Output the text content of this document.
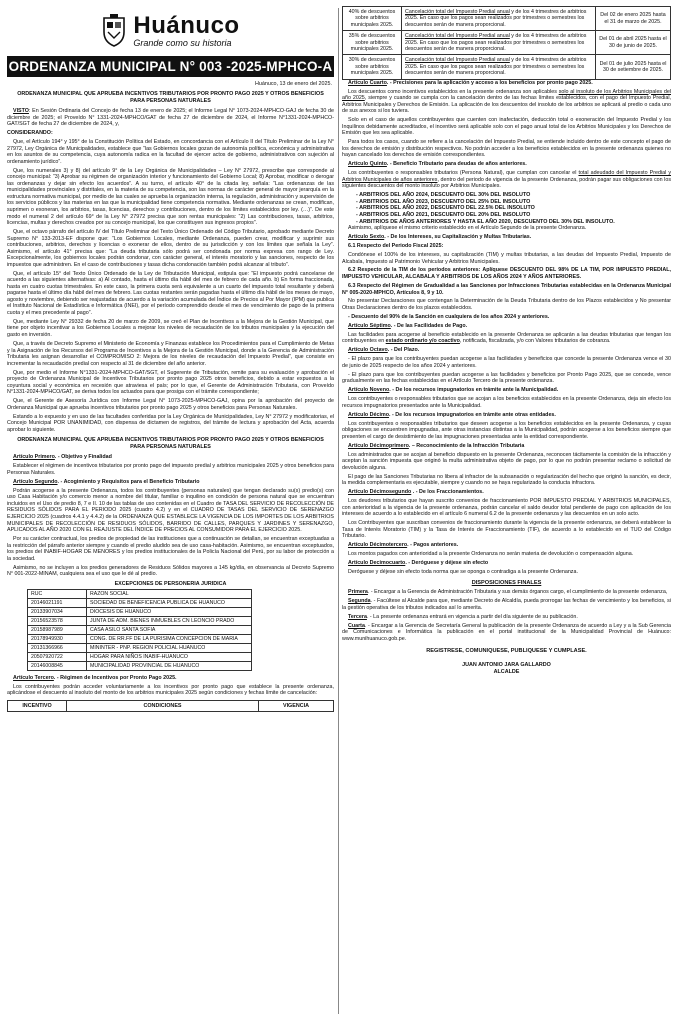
Huánuco
Grande como su historia
ORDENANZA MUNICIPAL N° 003 -2025-MPHCO-A
Huánuco, 13 de enero del 2025.
ORDENANZA MUNICIPAL QUE APRUEBA INCENTIVOS TRIBUTARIOS POR PRONTO PAGO 2025 Y OTROS BENEFICIOS PARA PERSONAS NATURALES

VISTO: En Sesión Ordinaria del Concejo de fecha 13 de enero de 2025; el Informe Legal N° 1073-2024-MPHCO-GAJ de fecha 30 de diciembre de 2025; el Proveído N° 1331-2024-MPHCO/GAT de fecha 27 de diciembre de 2024, el Informe N°1331-2024-MPHCO-GAT/SGT de fecha 27 de diciembre de 2024, y,

CONSIDERANDO:

Que, el Artículo 194° y 195° de la Constitución Política del Estado, en concordancia con el Artículo II del Título Preliminar de la Ley N° 27972, Ley Orgánica de Municipalidades, establece que “las Gobiernos locales gozan de autonomía política, económica y administrativa en los asuntos de su competencia, cuya autonomía radica en la facultad de ejercer actos de gobierno, administrativos con sujeción al ordenamiento jurídico”.

Que, los numerales 3) y 8) del artículo 9° de la Ley Orgánica de Municipalidades – Ley N° 27972, prescribe que corresponde al concejo municipal: “3) Aprobar su régimen de organización interior y funcionamiento del Gobierno Local; 8) Aprobar, modificar o derogar las ordenanzas y dejar sin efecto los acuerdos”. A su turno, el artículo 40° de la citada ley, señala: “Las ordenanzas de las municipalidades provinciales y distritales, en la materia de su competencia, son las normas de carácter general de mayor jerarquía en la estructura normativa municipal, por medio de las cuales se aprueba la organización interna, la regulación, administración y supervisión de los servicios públicos y las materias en las que la municipalidad tiene competencia normativa. Mediante ordenanzas se crean, modifican, suprimen o exoneran, los arbitrios, tasas, licencias, derechos y contribuciones, dentro de los límites establecidos por ley. (…)”. De este modo el numeral 2 del artículo 69° de la Ley N° 27972 precisa que son rentas municipales: “2) Las contribuciones, tasas, arbitrios, licencias, multas y derechos creados por su concejo municipal, los que constituyen sus ingresos propios”.

Que, el octavo párrafo del artículo IV del Título Preliminar del Texto Único Ordenado del Código Tributario, aprobado mediante Decreto Supremo N° 133-2013-EF dispone que: “Los Gobiernos Locales, mediante Ordenanza, pueden crear, modificar y suprimir sus contribuciones, arbitrios, derechos y licencias o exonerar de ellos, dentro de su jurisdicción y con los límites que señala la Ley”. Asimismo, el artículo 41° precisa que: “La deuda tributaria sólo podrá ser condonada por norma expresa con rango de Ley. Excepcionalmente, los gobiernos locales podrán condonar, con carácter general, el interés moratorio y las sanciones, respecto de los impuestos que administren. En el caso de contribuciones y tasas dicha condonación también podrá alcanzar al tributo”.

Que, el artículo 15° del Texto Único Ordenado de la Ley de Tributación Municipal, estipula que: “El impuesto podrá cancelarse de acuerdo a las siguientes alternativas: a) Al contado, hasta el último día hábil del mes de febrero de cada año. b) En forma fraccionada, hasta en cuatro cuotas trimestrales. En este caso, la primera cuota será equivalente a un cuarto del impuesto total resultante y deberá pagarse hasta el último día hábil del mes de febrero. Las cuotas restantes serán pagadas hasta el último día hábil de los meses de mayo, agosto y noviembre, debiendo ser reajustadas de acuerdo a la variación acumulada del Índice de Precios al Por Mayor (IPM) que publica el Instituto Nacional de Estadística e Informática (INEI), por el período comprendido desde el mes de vencimiento de pago de la primera cuota y el mes precedente al pago”.

Que, mediante Ley N° 29332 de fecha 20 de marzo de 2009, se creó el Plan de Incentivos a la Mejora de la Gestión Municipal, que tiene por objeto incentivar a los Gobiernos Locales a mejorar los niveles de recaudación de los tributos municipales y la ejecución del gasto en inversión.

Que, a través de Decreto Supremo el Ministerio de Economía y Finanzas establece los Procedimientos para el Cumplimiento de Metas y la Asignación de los Recursos del Programa de Incentivos a la Mejora de la Gestión Municipal, donde a la Gerencia de Administración Tributaria les asignan desarrollar el COMPROMISO 2: Mejora de los niveles de recaudación del Impuesto Predial”, que consiste en incrementar la recaudación predial con respecto al 31 de diciembre del año anterior.

Que, por medio el Informe N°1331-2024-MPHCO-GAT/SGT, el Sugerente de Tributación, remite para su evaluación y aprobación el proyecto de Ordenanza Municipal de Incentivos Tributarios por pronto pago 2025 otros beneficios, debido a estar expuestos a la coyuntura social y económica en recesión que atraviesa el país; por lo que, el Gerente de Administración Tributaria, con Proveído N°1331-2024-MPHCO/GAT, se deriva todos los actuados para que prosiga con el trámite correspondiente;

Que, el Gerente de Asesoría Jurídica con Informe Legal N° 1073-2025-MPHCO-GAJ, opina por la aprobación del proyecto de Ordenanza Municipal que aprueba incentivos tributarios por pronto pago 2025 y otros beneficios para Personas Naturales.

Estando a lo expuesto y en uso de las facultades conferidas por la Ley Orgánica de Municipalidades, Ley N° 27972 y modificatorias, el Concejo Municipal POR UNANIMIDAD, con dispensa de dictamen de registros, del trámite de lectura y aprobación del Acta, acuerda aprobar lo siguiente.

ORDENANZA MUNICIPAL QUE APRUEBA INCENTIVOS TRIBUTARIOS POR PRONTO PAGO 2025 Y OTROS BENEFICIOS PARA PERSONAS NATURALES

Artículo Primero. - Objetivo y Finalidad

Establecer el régimen de incentivos tributarios por pronto pago del impuesto predial y arbitrios municipales 2025 y otros beneficios para Personas Naturales.

Artículo Segundo. - Acogimiento y Requisitos para el Beneficio Tributario

Podrán acogerse a la presente Ordenanza, todos los contribuyentes (personas naturales) que tengan declarado su(s) predio(s) con uso Casa Habitación y/o comercio menor a nombre del titular, familiar o inquilino en condición de persona natural que se encuentran incluidos en el Uso de predio 8, 7 e II. 10 de las tablas de uso contenidas en el Cuadro de TASA DEL SERVICIO DE RECOLECCIÓN DE RESIDUOS SÓLIDOS PARA EL PERIODO 2025 (cuadro 4.2) y en el CUADRO DE TASAS DEL SERVICIO DE SERENAZGO EJERCICIO 2025 (cuadros 4.4.1 y 4.4.2) de la ORDENANZA QUE ESTABLECE LA VIGENCIA DE LOS IMPORTES DE LOS ARBITRIOS MUNICIPALES DE RECOLECCIÓN DE RESIDUOS SÓLIDOS, BARRIDO DE CALLES, PARQUES Y JARDINES Y SERENAZGO, APLICADOS AL AÑO 2020 CON EL REAJUSTE DEL ÍNDICE DE PRECIOS AL CONSUMIDOR PARA EL EJERCICIO 2025.

Por su carácter contractual, los predios de propiedad de las instituciones que a continuación se detallan, se encuentran exceptuadas a la restricción del párrafo anterior siempre y cuando el predio aludido sea de uso casa-habitación. Asimismo, se encuentran exceptuados, los predios del INABIF-HOGAR DE MENORES y los predios institucionales de la Policía Nacional del Perú, por su labor de protección a la sociedad.

Asimismo, no se incluyen a los predios generadores de Residuos Sólidos mayores a 145 kg/día, en observancia al Decreto Supremo N° 001-2022-MINAM, cualquiera sea el uso que le dé al predio.

EXCEPCIONES DE PERSONERIA JURIDICA
RUC	RAZON SOCIAL
20146021191	SOCIEDAD DE BENEFICENCIA PUBLICA DE HUANUCO
20133907034	DIOCESIS DE HUANUCO
20156523578	JUNTA DE ADM. BIENES INMUEBLES CN LEONCIO PRADO
20158987989	CASA ASILO SANTA SOFIA
20178949930	CONG. DE RR.FF DE LA PURISIMA CONCEPCION DE MARIA
20131366966	MININTER - PNP. REGION POLICIAL HUANUCO
20507920722	HOGAR PARA NIÑOS INABIF-HUANUCO
20146008845	MUNICIPALIDAD PROVINCIAL DE HUANUCO

Artículo Tercero. - Régimen de Incentivos por Pronto Pago 2025.

Los contribuyentes podrán acceder voluntariamente a los incentivos por pronto pago que establece la presente ordenanza, aplicándose el descuento al insoluto del monto de los arbitrios municipales 2025 según condiciones y fechas límite de cancelación:

INCENTIVO	CONDICIONES	VIGENCIA
40% de descuentos sobre arbitrios municipales 2025.	Cancelación total del Impuesto Predial anual y de los 4 trimestres de arbitrios 2025. En caso que los pagos sean realizados por trimestres o semestres los descuentos serán de manera proporcional.	Del 02 de enero 2025 hasta el 31 de marzo de 2025.
35% de descuentos sobre arbitrios municipales 2025.	Cancelación total del Impuesto Predial anual y de los 4 trimestres de arbitrios 2025. En caso que los pagos sean realizados por trimestres o semestres los descuentos serán de manera proporcional.	Del 01 de abril 2025 hasta el 30 de junio de 2025.
30% de descuentos sobre arbitrios municipales 2025.	Cancelación total del Impuesto Predial anual y de los 4 trimestres de arbitrios 2025. En caso que los pagos sean realizados por trimestres o semestres los descuentos serán de manera proporcional.	Del 01 de julio 2025 hasta el 30 de setiembre de 2025.

Artículo Cuarto. - Precisiones para la aplicación y acceso a los beneficios por pronto pago 2025.

Los descuentos como incentivos establecidos en la presente ordenanza son aplicables solo al insoluto de los Arbitrios Municipales del año 2025, siempre y cuando se cumpla con la cancelación dentro de las fechas límites establecidos, con el pago del Impuesto Predial, Arbitrios Municipales y Derechos de Emisión. La aplicación de los descuentos del insoluto de los arbitrios se aplicará al predio o cada uno de sus anexos si los tuviera.

Solo en el caso de aquellos contribuyentes que cuenten con inafectación, deducción total o exoneración del Impuesto Predial y los Inquilinos debidamente acreditados, el incentivo será aplicable solo con el pago anual total de los Arbitrios Municipales y los Derechos de Emisión que les sea aplicable.

Para todos los casos, cuando se refiere a la cancelación del Impuesto Predial, se entiende incluido dentro de este concepto el pago de los derechos de emisión y distribución respectivos. No podrán acceder a los beneficios establecidos en la presente ordenanza quienes no hayan cancelado los derechos de emisión correspondientes.

Artículo Quinto. - Beneficio Tributario para deudas de años anteriores.

Los contribuyentes o responsables tributarios (Persona Natural), que cumplan con cancelar el total adeudado del Impuesto Predial y Arbitrios Municipales de años anteriores, dentro del periodo de vigencia de la presente Ordenanza, podrán pagar sus obligaciones con los siguientes descuentos del monto insoluto por Arbitrios Municipales.

- ARBITRIOS DEL AÑO 2024, DESCUENTO DEL 30% DEL INSOLUTO
- ARBITRIOS DEL AÑO 2023, DESCUENTO DEL 25% DEL INSOLUTO
- ARBITRIOS DEL AÑO 2022, DESCUENTO DEL 22.5% DEL INSOLUTO
- ARBITRIOS DEL AÑO 2021, DESCUENTO DEL 20% DEL INSOLUTO
- ARBITRIOS DE AÑOS ANTERIORES Y HASTA EL AÑO 2020, DESCUENTO DEL 30% DEL INSOLUTO.

Asimismo, aplíquese el mismo criterio establecido en el Artículo Segundo de la presente Ordenanza.

Artículo Sexto. - De los Intereses, su Capitalización y Multas Tributarias.

6.1 Respecto del Periodo Fiscal 2025:

Condónese el 100% de los intereses, su capitalización (TIM) y multas tributarias, a las deudas del Impuesto Predial, Impuesto de Alcabala, Impuesto al Patrimonio Vehicular y Arbitrios Municipales.

6.2 Respecto de la TIM de los periodos anteriores: Aplíquese DESCUENTO DEL 98% DE LA TIM, POR IMPUESTO PREDIAL, IMPUESTO VEHICULAR, ALCABALA Y ARBITRIOS DE LOS AÑOS 2024 Y AÑOS ANTERIORES.

6.3 Respecto del Régimen de Gradualidad a las Sanciones por Infracciones Tributarias establecidas en la Ordenanza Municipal N° 005-2020-MPHCO, Artículos 8, 9 y 10.

No presentar Declaraciones que contengan la Determinación de la Deuda Tributaria dentro de los Plazos establecidos y No presentar Otras Declaraciones dentro de los plazos establecidos.

- Descuento del 90% de la Sanción en cualquiera de los años 2024 y anteriores.

Artículo Séptimo. - De las Facilidades de Pago.

Las facilidades para acogerse al beneficio establecido en la presente Ordenanza se aplicarán a las deudas tributarias que tengan los contribuyentes en estado ordinario y/o coactivo, notificada, fiscalizada, y/o con Valores tributarios de cobranza.

Artículo Octavo. - Del Plazo.

- El plazo para que los contribuyentes puedan acogerse a las facilidades y beneficios que concede la presente Ordenanza vence el 30 de junio de 2025 respecto de los años 2024 y anteriores.

- El plazo para que los contribuyentes puedan acogerse a las facilidades y beneficios por Pronto Pago 2025, que se concede, vence gradualmente en las fechas establecidas en el Artículo Tercero de la presente ordenanza.

Artículo Noveno. - De los recursos impugnatorios en trámite ante la Municipalidad.

Los contribuyentes o responsables tributarios que se acojan a los beneficios establecidos en la presente Ordenanza, deja sin efecto los recursos impugnatorios presentados ante la Municipalidad.

Artículo Décimo. - De los recursos impugnatorios en trámite ante otras entidades.

Los contribuyentes o responsables tributarios que deseen acogerse a los beneficios establecidos en la presente Ordenanza, y cuyas obligaciones se encuentren impugnadas, ante otras instancias distintas a la Municipalidad, podrán acogerse a los beneficios siempre que presenten el cargo de desistimiento de las impugnaciones presentadas ante la entidad correspondiente.

Artículo Décimoprimero. – Reconocimiento de la Infracción Tributaria

Los administrados que se acojan al beneficio dispuesto en la presente Ordenanza, reconocen tácitamente la comisión de la infracción y aceptan la sanción impuesta que originó la multa administrativa objeto de pago, por lo que no podrán presentar reclamo o solicitud de devolución alguna.

El pago de las Sanciones Tributarias no libera al infractor de la subsanación o regularización del hecho que originó la sanción, es decir, la medida complementaria es ejecutable, siempre y cuando no se haya regularizado la conducta infractora.

Artículo Décimosegundo . - De los Fraccionamientos.

Los deudores tributarios que hayan suscrito convenios de fraccionamiento POR IMPUESTO PREDIAL Y ARBITRIOS MUNICIPALES, con anterioridad a la vigencia de la presente ordenanza, podrán cancelar el saldo deudor total pendiente de pago con aplicación de los intereses de acuerdo a lo establecido en el artículo 6 numeral 6.2 de la presente ordenanza y las descuentos en un solo acto.

Los Contribuyentes que suscriban convenios de fraccionamiento durante la vigencia de la presente ordenanza, se deberá establecer la Tasa de Interés Moratorio (TIM) y la Tasa de Interés de Fraccionamiento (TIF), de acuerdo a lo establecido en el TUO del Código Tributario.

Artículo Décimotercero. - Pagos anteriores.

Los montos pagados con anterioridad a la presente Ordenanza no serán materia de devolución o compensación alguna.

Artículo Decimocuarto. - Deróguese y déjese sin efecto

Deróguese y déjese sin efecto toda norma que se oponga o contradiga a la presente Ordenanza.

DISPOSICIONES FINALES

Primera. - Encargar a la Gerencia de Administración Tributaria y sus demás órganos cargo, el cumplimiento de la presente ordenanza,

Segunda. - Facúltese al Alcalde para que, mediante Decreto de Alcaldía, pueda prorrogar las fechas de vencimiento y los beneficios, si la gestión operativa de los tributos indicados así lo amerita.

Tercera. - La presente ordenanza entrará en vigencia a partir del día siguiente de su publicación.

Cuarta. - Encargar a la Gerencia de Secretaría General la publicación de la presente Ordenanza de acuerdo a Ley y a la Sub Gerencia de Comunicaciones e Informática la publicación en el portal institucional de la Municipalidad Provincial de Huánuco: www.munihuanuco.gob.pe.

REGISTRESE, COMUNIQUESE, PUBLIQUESE Y CUMPLASE.
JUAN ANTONIO JARA GALLARDO
ALCALDE
